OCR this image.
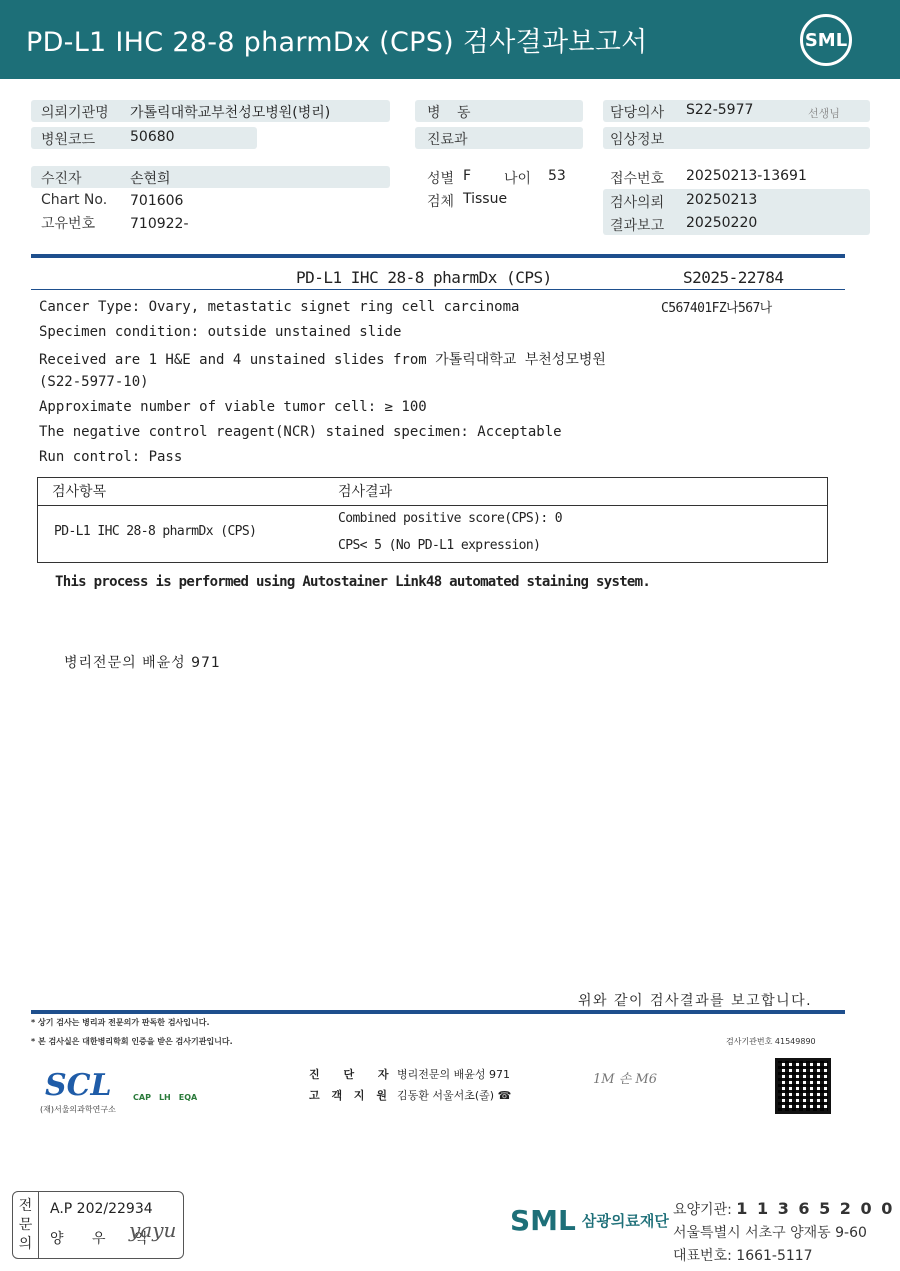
PD-L1 IHC 28-8 pharmDx (CPS) 검사결과보고서	SML
의뢰기관명 가톨릭대학교부천성모병원(병리)
병원코드 50680
병 동
진료과
담당의사 S22-5977	선생님
임상정보
수진자	손현희
Chart No. 701606
고유번호 710922-
성별 F 나이 53
검체 Tissue
접수번호 20250213-13691
검사의뢰 20250213
결과보고 20250220
PD-L1 IHC 28-8 pharmDx (CPS)	S2025-22784
C567401FZ나567나
Cancer Type: Ovary, metastatic signet ring cell carcinoma
Specimen condition: outside unstained slide
Received are 1 H&E and 4 unstained slides from 가톨릭대학교 부천성모병원
(S22-5977-10)
Approximate number of viable tumor cell: ≥ 100
The negative control reagent(NCR) stained specimen: Acceptable
Run control: Pass
검사항목	검사결과
PD-L1 IHC 28-8 pharmDx (CPS)
Combined positive score(CPS): 0
CPS< 5 (No PD-L1 expression)
This process is performed using Autostainer Link48 automated staining system.
병리전문의 배윤성 971
위와 같이 검사결과를 보고합니다.
* 상기 검사는 병리과 전문의가 판독한 검사입니다.
* 본 검사실은 대한병리학회 인증을 받은 검사기관입니다.	검사기관번호 41549890
SCL
(재)서울의과학연구소
CAP LH EQA
진 단 자병리전문의 배윤성 971
고 객 지 원 김동환 서울서초(졸) ☎
1M 손 M6
전
문
의
A.P 202/22934
양 우 익
yayu	SML 삼광의료재단
요양기관: 1 1 3 6 5 2 0 0
서울특별시 서초구 양재동 9-60
대표번호: 1661-5117
